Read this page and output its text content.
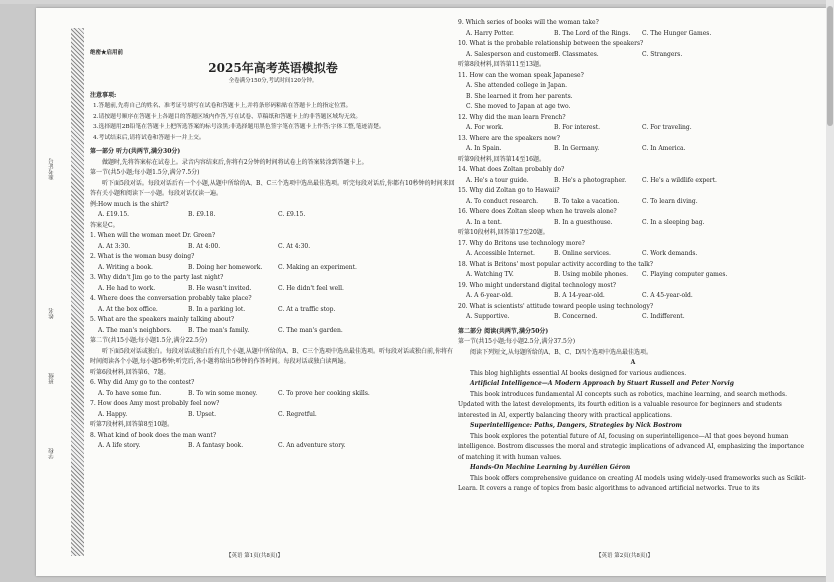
准考证号
姓名
班级
学校
绝密★启用前
2025年高考英语模拟卷
全卷满分150分,考试时间120分钟。
注意事项:
1.答题前,先将自己的姓名、准考证号填写在试卷和答题卡上,并将条形码粘贴在答题卡上的指定位置。
2.请按题号顺序在答题卡上各题目的答题区域内作答,写在试卷、草稿纸和答题卡上的非答题区域均无效。
3.选择题用2B铅笔在答题卡上把所选答案的标号涂黑;非选择题用黑色签字笔在答题卡上作答;字体工整,笔迹清楚。
4.考试结束后,请将试卷和答题卡一并上交。
第一部分 听力(共两节,满分30分)
做题时,先将答案标在试卷上。录音内容结束后,你将有2分钟的时间将试卷上的答案转涂到答题卡上。
第一节(共5小题;每小题1.5分,满分7.5分)
听下面5段对话。每段对话后有一个小题,从题中所给的A、B、C三个选项中选出最佳选项。听完每段对话后,你都有10秒钟的时间来回答有关小题和阅读下一小题。每段对话仅读一遍。
例:How much is the shirt?
A. £19.15.	B. £9.18.	C. £9.15.
答案是C。
1. When will the woman meet Dr. Green?
A. At 3:30.	B. At 4:00.	C. At 4:30.
2. What is the woman busy doing?
A. Writing a book.	B. Doing her homework.	C. Making an experiment.
3. Why didn't Jim go to the party last night?
A. He had to work.	B. He wasn't invited.	C. He didn't feel well.
4. Where does the conversation probably take place?
A. At the box office.	B. In a parking lot.	C. At a traffic stop.
5. What are the speakers mainly talking about?
A. The man's neighbors.	B. The man's family.	C. The man's garden.
第二节(共15小题;每小题1.5分,满分22.5分)
听下面5段对话或独白。每段对话或独白后有几个小题,从题中所给的A、B、C三个选项中选出最佳选项。听每段对话或独白前,你将有时间阅读各个小题,每小题5秒钟;听完后,各小题将给出5秒钟的作答时间。每段对话或独白读两遍。
听第6段材料,回答第6、7题。
6. Why did Amy go to the contest?
A. To have some fun.	B. To win some money.	C. To prove her cooking skills.
7. How does Amy most probably feel now?
A. Happy.	B. Upset.	C. Regretful.
听第7段材料,回答第8至10题。
8. What kind of book does the man want?
A. A life story.	B. A fantasy book.	C. An adventure story.
【英语 第1页(共8页)】
9. Which series of books will the woman take?
A. Harry Potter.	B. The Lord of the Rings.	C. The Hunger Games.
10. What is the probable relationship between the speakers?
A. Salesperson and customer.
B. Classmates.	C. Strangers.
听第8段材料,回答第11至13题。
11. How can the woman speak Japanese?
A. She attended college in Japan.
B. She learned it from her parents.
C. She moved to Japan at age two.
12. Why did the man learn French?
A. For work.	B. For interest.	C. For traveling.
13. Where are the speakers now?
A. In Spain.	B. In Germany.	C. In America.
听第9段材料,回答第14至16题。
14. What does Zoltan probably do?
A. He's a tour guide.	B. He's a photographer.	C. He's a wildlife expert.
15. Why did Zoltan go to Hawaii?
A. To conduct research.	B. To take a vacation.	C. To learn diving.
16. Where does Zoltan sleep when he travels alone?
A. In a tent.	B. In a guesthouse.	C. In a sleeping bag.
听第10段材料,回答第17至20题。
17. Why do Britons use technology more?
A. Accessible Internet.	B. Online services.	C. Work demands.
18. What is Britons' most popular activity according to the talk?
A. Watching TV.	B. Using mobile phones.	C. Playing computer games.
19. Who might understand digital technology most?
A. A 6-year-old.	B. A 14-year-old.	C. A 45-year-old.
20. What is scientists' attitude toward people using technology?
A. Supportive.	B. Concerned.	C. Indifferent.
第二部分 阅读(共两节,满分50分)
第一节(共15小题;每小题2.5分,满分37.5分)
阅读下列短文,从每题所给的A、B、C、D四个选项中选出最佳选项。
A
This blog highlights essential AI books designed for various audiences.
Artificial Intelligence—A Modern Approach by Stuart Russell and Peter Norvig
This book introduces fundamental AI concepts such as robotics, machine learning, and search methods. Updated with the latest developments, its fourth edition is a valuable resource for beginners and students interested in AI, expertly balancing theory with practical applications.
Superintelligence: Paths, Dangers, Strategies by Nick Bostrom
This book explores the potential future of AI, focusing on superintelligence—AI that goes beyond human intelligence. Bostrom discusses the moral and strategic implications of advanced AI, emphasizing the importance of matching it with human values.
Hands-On Machine Learning by Aurélien Géron
This book offers comprehensive guidance on creating AI models using widely-used frameworks such as Scikit-Learn. It covers a range of topics from basic algorithms to advanced artificial networks. True to its
【英语 第2页(共8页)】
